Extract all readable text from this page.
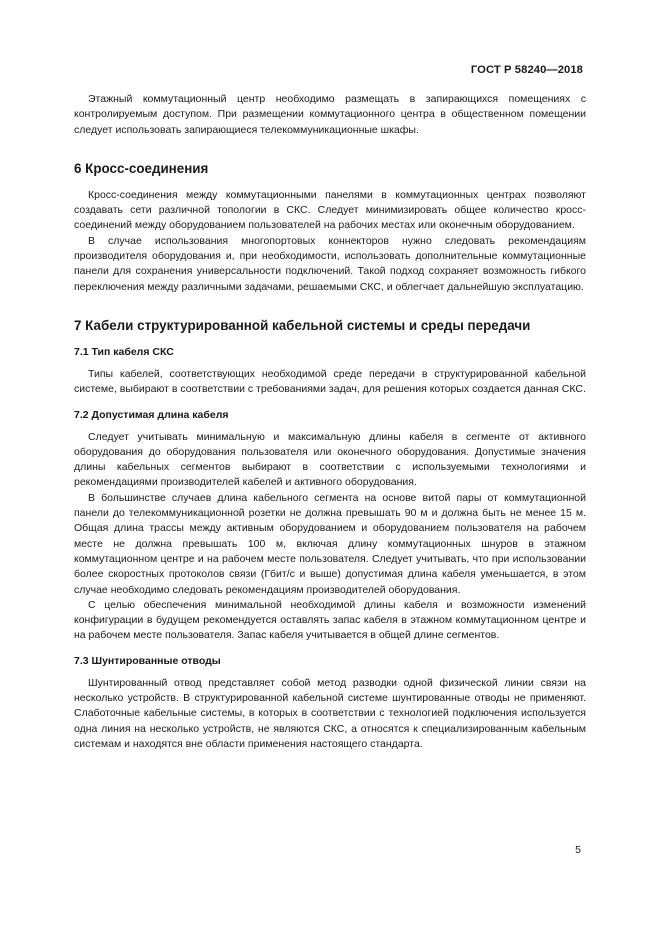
ГОСТ Р 58240—2018

Этажный коммутационный центр необходимо размещать в запирающихся помещениях с контролируемым доступом. При размещении коммутационного центра в общественном помещении следует использовать запирающиеся телекоммуникационные шкафы.

6 Кросс-соединения

Кросс-соединения между коммутационными панелями в коммутационных центрах позволяют создавать сети различной топологии в СКС. Следует минимизировать общее количество кросс-соединений между оборудованием пользователей на рабочих местах или оконечным оборудованием.

В случае использования многопортовых коннекторов нужно следовать рекомендациям производителя оборудования и, при необходимости, использовать дополнительные коммутационные панели для сохранения универсальности подключений. Такой подход сохраняет возможность гибкого переключения между различными задачами, решаемыми СКС, и облегчает дальнейшую эксплуатацию.

7 Кабели структурированной кабельной системы и среды передачи
7.1 Тип кабеля СКС

Типы кабелей, соответствующих необходимой среде передачи в структурированной кабельной системе, выбирают в соответствии с требованиями задач, для решения которых создается данная СКС.

7.2 Допустимая длина кабеля

Следует учитывать минимальную и максимальную длины кабеля в сегменте от активного оборудования до оборудования пользователя или оконечного оборудования. Допустимые значения длины кабельных сегментов выбирают в соответствии с используемыми технологиями и рекомендациями производителей кабелей и активного оборудования.

В большинстве случаев длина кабельного сегмента на основе витой пары от коммутационной панели до телекоммуникационной розетки не должна превышать 90 м и должна быть не менее 15 м. Общая длина трассы между активным оборудованием и оборудованием пользователя на рабочем месте не должна превышать 100 м, включая длину коммутационных шнуров в этажном коммутационном центре и на рабочем месте пользователя. Следует учитывать, что при использовании более скоростных протоколов связи (Гбит/с и выше) допустимая длина кабеля уменьшается, в этом случае необходимо следовать рекомендациям производителей оборудования.

С целью обеспечения минимальной необходимой длины кабеля и возможности изменений конфигурации в будущем рекомендуется оставлять запас кабеля в этажном коммутационном центре и на рабочем месте пользователя. Запас кабеля учитывается в общей длине сегментов.

7.3 Шунтированные отводы

Шунтированный отвод представляет собой метод разводки одной физической линии связи на несколько устройств. В структурированной кабельной системе шунтированные отводы не применяют. Слаботочные кабельные системы, в которых в соответствии с технологией подключения используется одна линия на несколько устройств, не являются СКС, а относятся к специализированным кабельным системам и находятся вне области применения настоящего стандарта.

5
